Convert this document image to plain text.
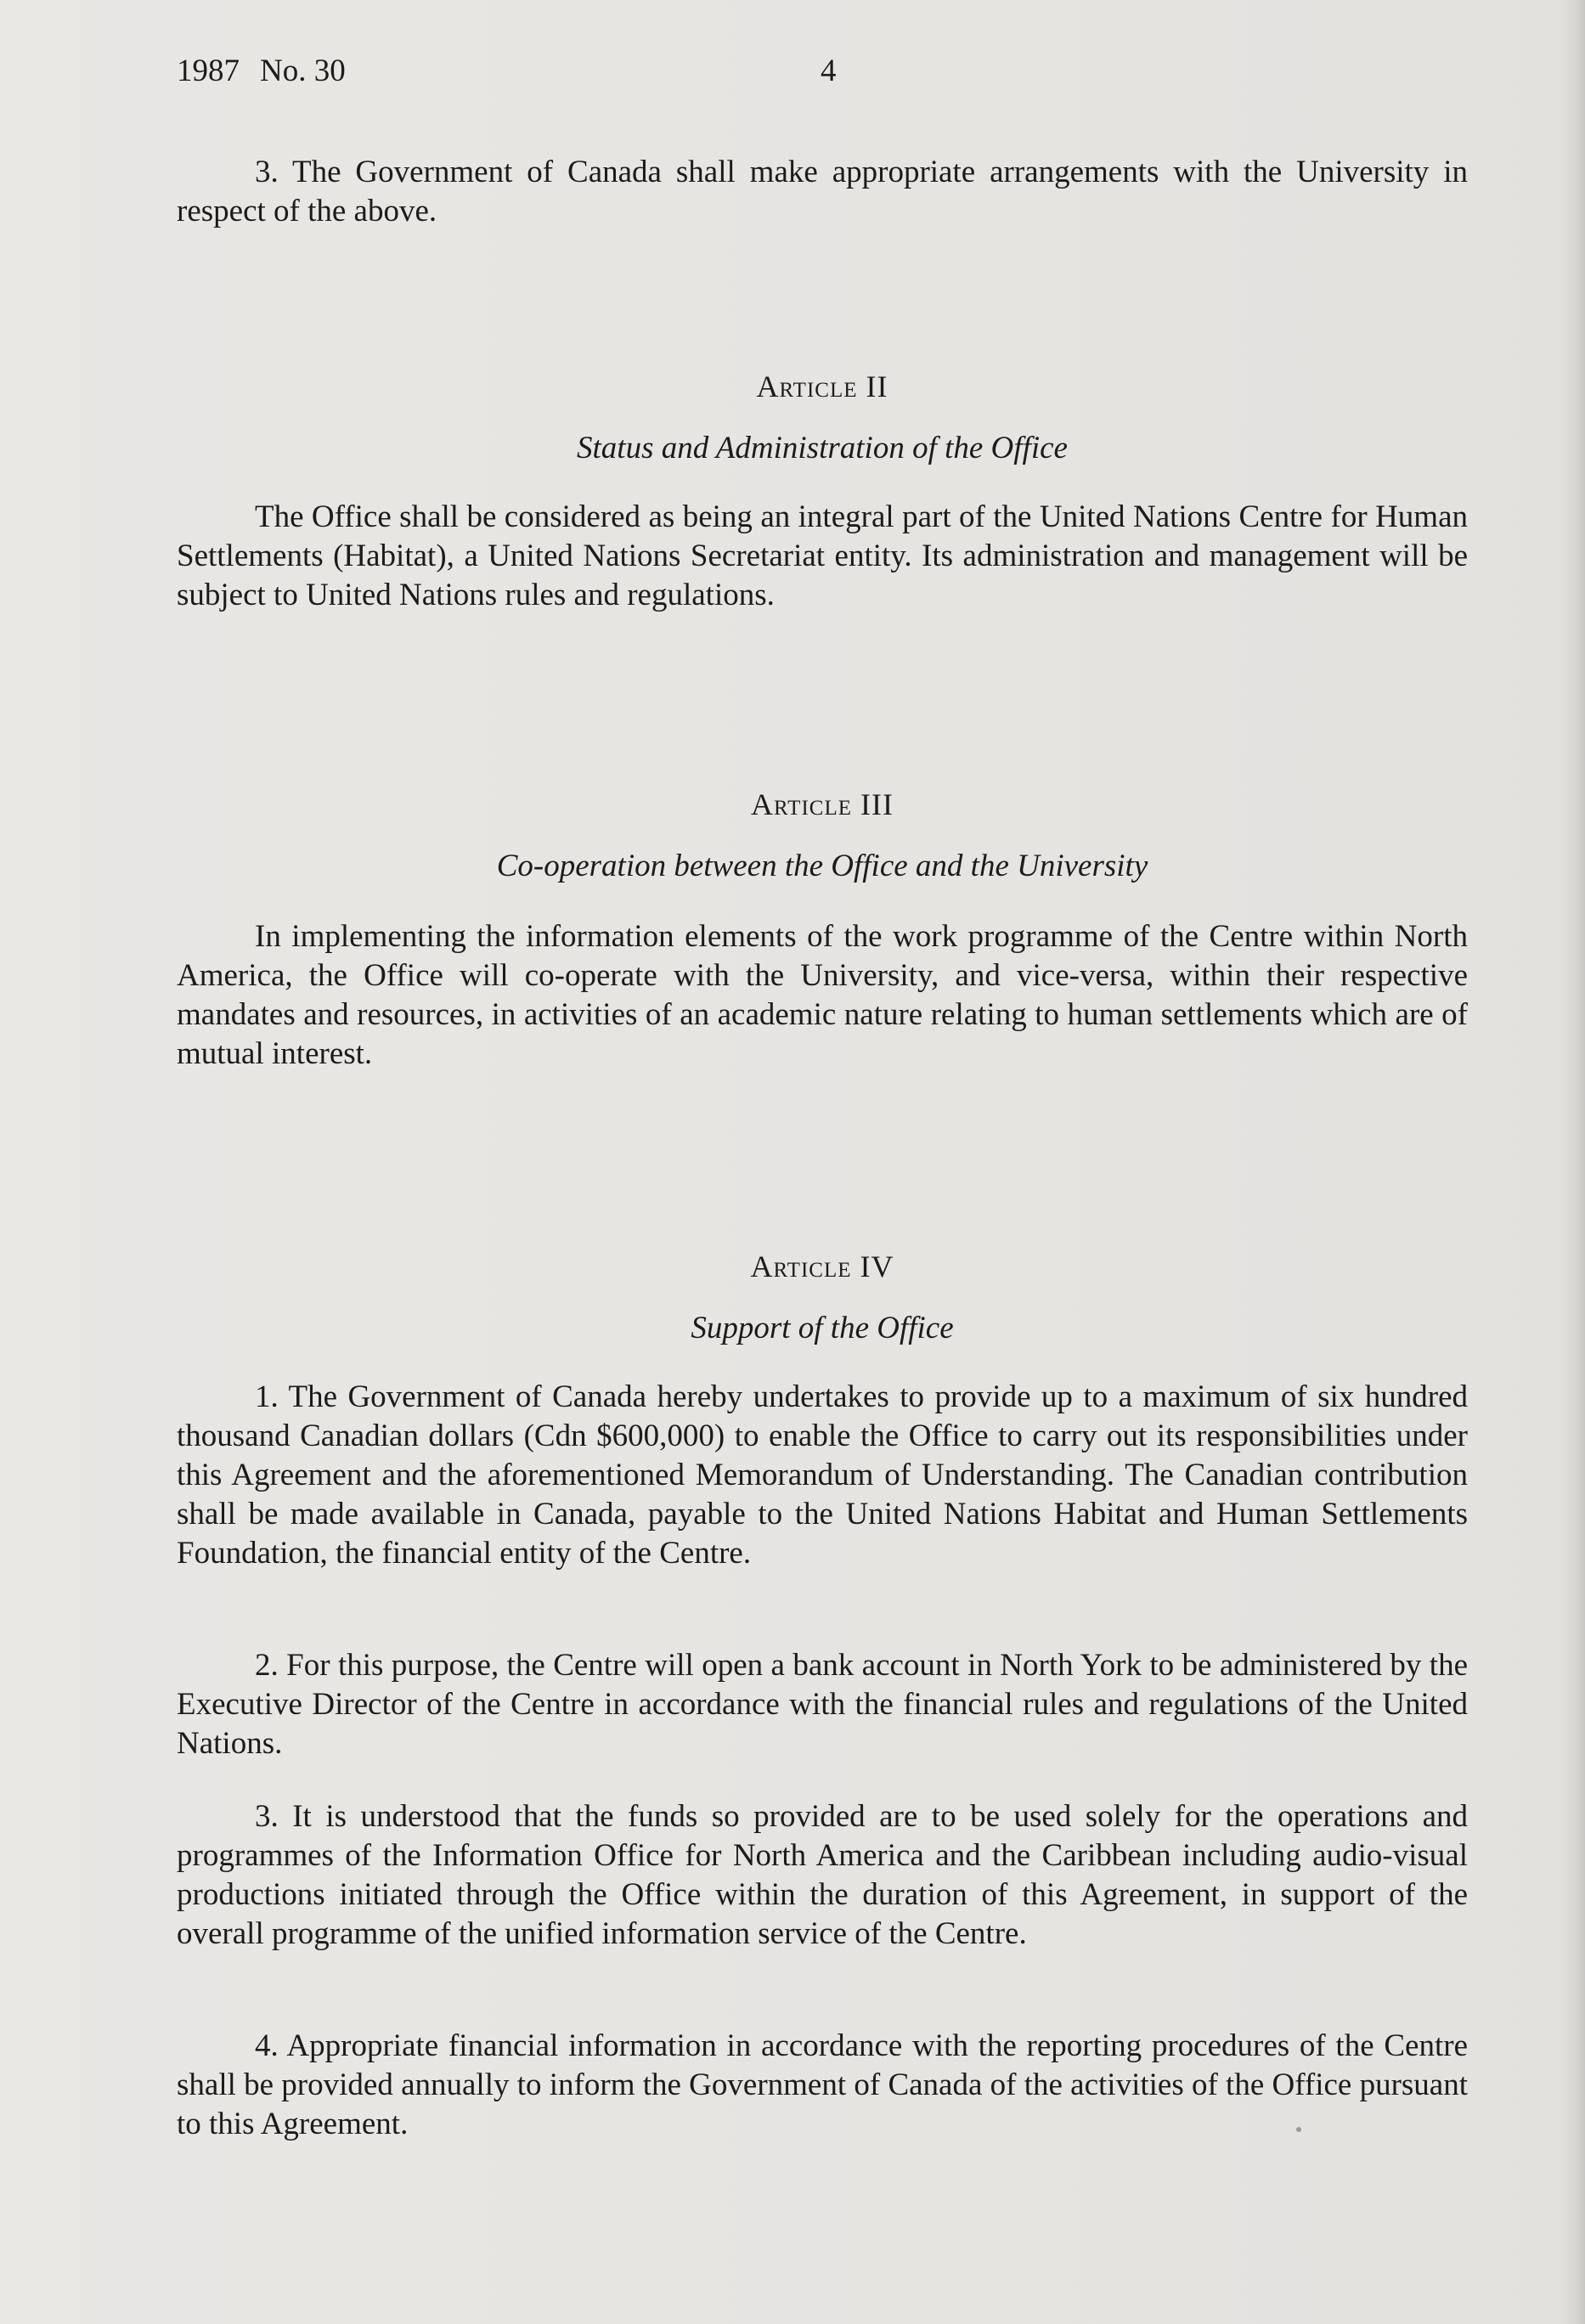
1987 No. 30	4

3. The Government of Canada shall make appropriate arrangements with the University in respect of the above.

Article II
Status and Administration of the Office

The Office shall be considered as being an integral part of the United Nations Centre for Human Settlements (Habitat), a United Nations Secretariat entity. Its administration and management will be subject to United Nations rules and regulations.

Article III
Co-operation between the Office and the University

In implementing the information elements of the work programme of the Centre within North America, the Office will co-operate with the University, and vice-versa, within their respective mandates and resources, in activities of an academic nature relating to human settlements which are of mutual interest.

Article IV
Support of the Office

1. The Government of Canada hereby undertakes to provide up to a maximum of six hundred thousand Canadian dollars (Cdn $600,000) to enable the Office to carry out its responsibilities under this Agreement and the aforementioned Memorandum of Understanding. The Canadian contribution shall be made available in Canada, payable to the United Nations Habitat and Human Settlements Foundation, the financial entity of the Centre.

2. For this purpose, the Centre will open a bank account in North York to be administered by the Executive Director of the Centre in accordance with the financial rules and regulations of the United Nations.

3. It is understood that the funds so provided are to be used solely for the operations and programmes of the Information Office for North America and the Caribbean including audio-visual productions initiated through the Office within the duration of this Agreement, in support of the overall programme of the unified information service of the Centre.

4. Appropriate financial information in accordance with the reporting procedures of the Centre shall be provided annually to inform the Government of Canada of the activities of the Office pursuant to this Agreement.
